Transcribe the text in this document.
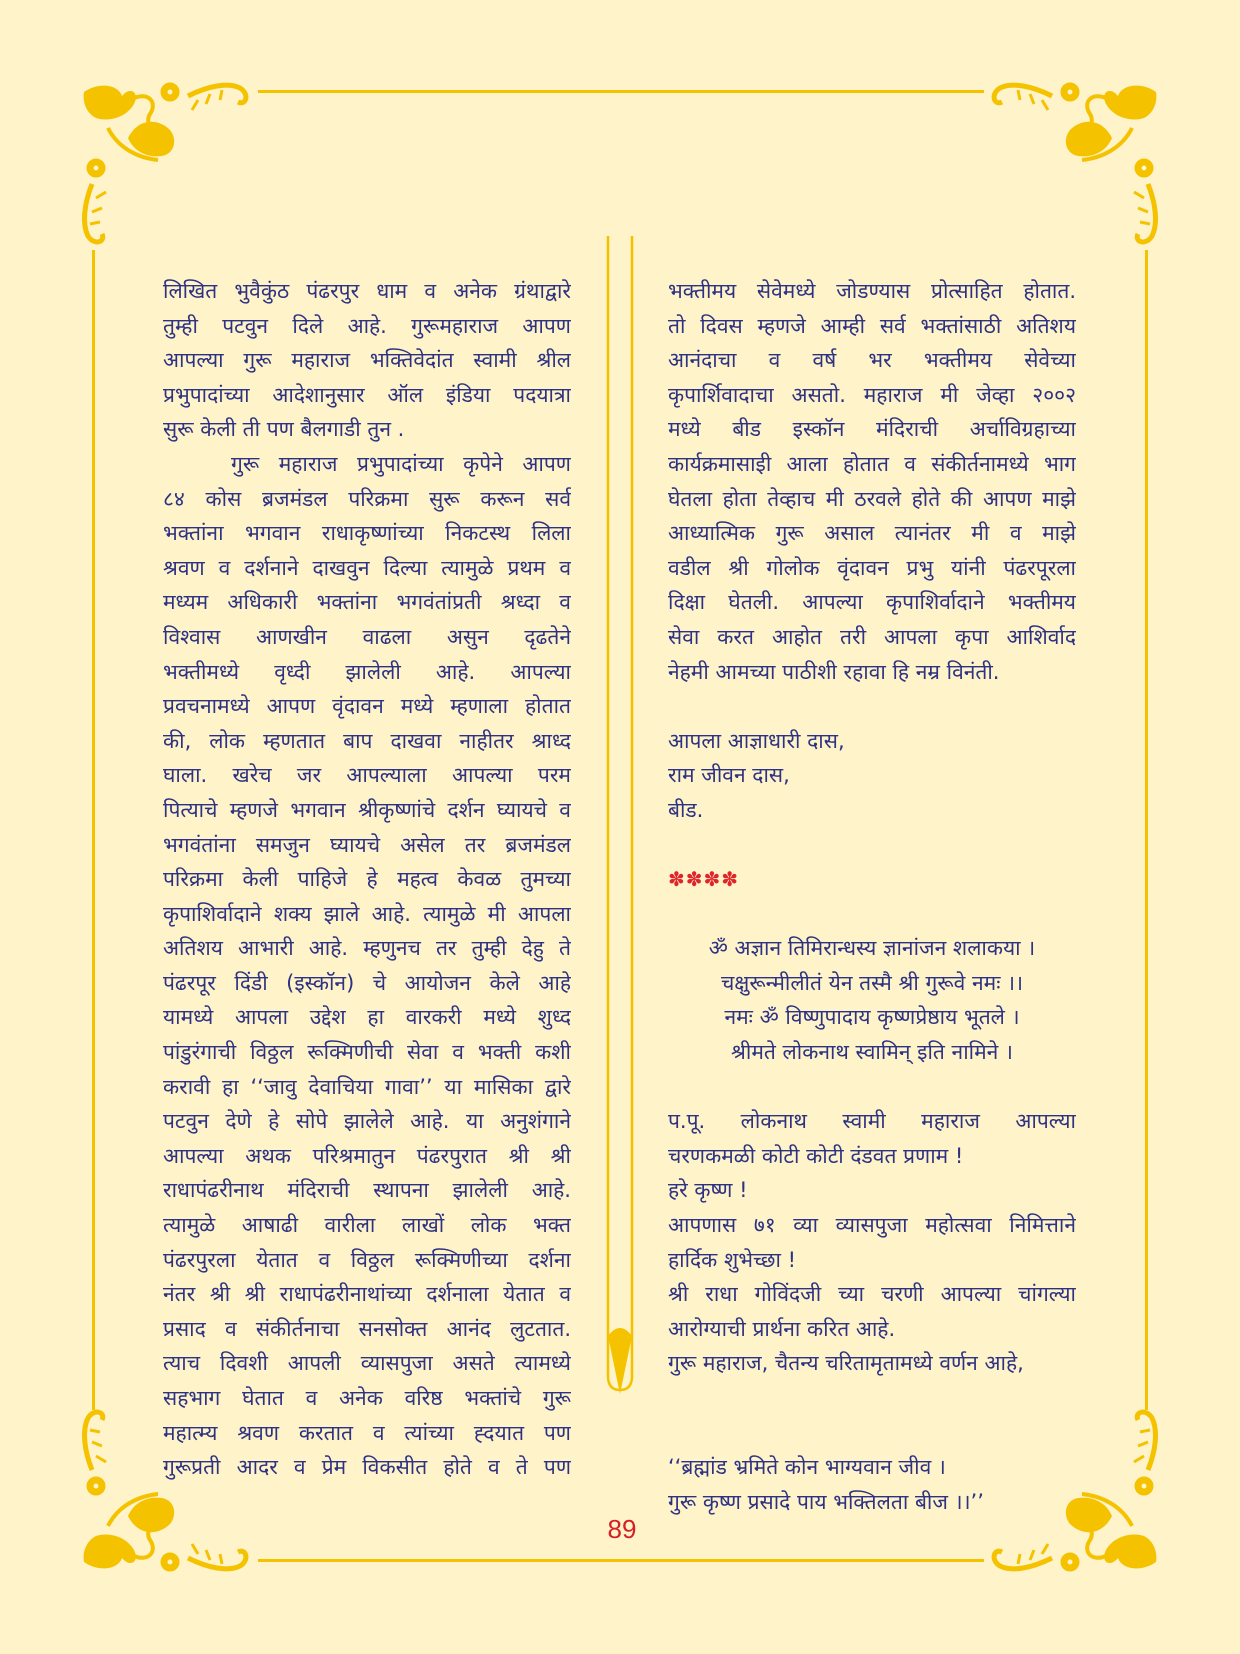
लिखित भुवैकुंठ पंढरपुर धाम व अनेक ग्रंथाद्वारे
तुम्ही पटवुन दिले आहे. गुरूमहाराज आपण
आपल्या गुरू महाराज भक्तिवेदांत स्वामी श्रील
प्रभुपादांच्या आदेशानुसार ऑल इंडिया पदयात्रा
सुरू केली ती पण बैलगाडी तुन .
गुरू महाराज प्रभुपादांच्या कृपेने आपण
८४ कोस ब्रजमंडल परिक्रमा सुरू करून सर्व
भक्तांना भगवान राधाकृष्णांच्या निकटस्थ लिला
श्रवण व दर्शनाने दाखवुन दिल्या त्यामुळे प्रथम व
मध्यम अधिकारी भक्तांना भगवंतांप्रती श्रध्दा व
विश्वास आणखीन वाढला असुन दृढतेने
भक्तीमध्ये वृध्दी झालेली आहे. आपल्या
प्रवचनामध्ये आपण वृंदावन मध्ये म्हणाला होतात
की, लोक म्हणतात बाप दाखवा नाहीतर श्राध्द
घाला. खरेच जर आपल्याला आपल्या परम
पित्याचे म्हणजे भगवान श्रीकृष्णांचे दर्शन घ्यायचे व
भगवंतांना समजुन घ्यायचे असेल तर ब्रजमंडल
परिक्रमा केली पाहिजे हे महत्व केवळ तुमच्या
कृपाशिर्वादाने शक्य झाले आहे. त्यामुळे मी आपला
अतिशय आभारी आहे. म्हणुनच तर तुम्ही देहु ते
पंढरपूर दिंडी (इस्कॉन) चे आयोजन केले आहे
यामध्ये आपला उद्देश हा वारकरी मध्ये शुध्द
पांडुरंगाची विठ्ठल रूक्मिणीची सेवा व भक्ती कशी
करावी हा ‘‘जावु देवाचिया गावा’’ या मासिका द्वारे
पटवुन देणे हे सोपे झालेले आहे. या अनुशंगाने
आपल्या अथक परिश्रमातुन पंढरपुरात श्री श्री
राधापंढरीनाथ मंदिराची स्थापना झालेली आहे.
त्यामुळे आषाढी वारीला लाखों लोक भक्त
पंढरपुरला येतात व विठ्ठल रूक्मिणीच्या दर्शना
नंतर श्री श्री राधापंढरीनाथांच्या दर्शनाला येतात व
प्रसाद व संकीर्तनाचा सनसोक्त आनंद लुटतात.
त्याच दिवशी आपली व्यासपुजा असते त्यामध्ये
सहभाग घेतात व अनेक वरिष्ठ भक्तांचे गुरू
महात्म्य श्रवण करतात व त्यांच्या ह्दयात पण
गुरूप्रती आदर व प्रेम विकसीत होते व ते पण
भक्तीमय सेवेमध्ये जोडण्यास प्रोत्साहित होतात.
तो दिवस म्हणजे आम्ही सर्व भक्तांसाठी अतिशय
आनंदाचा व वर्ष भर भक्तीमय सेवेच्या
कृपार्शिवादाचा असतो. महाराज मी जेव्हा २००२
मध्ये बीड इस्कॉन मंदिराची अर्चाविग्रहाच्या
कार्यक्रमासाइी आला होतात व संकीर्तनामध्ये भाग
घेतला होता तेव्हाच मी ठरवले होते की आपण माझे
आध्यात्मिक गुरू असाल त्यानंतर मी व माझे
वडील श्री गोलोक वृंदावन प्रभु यांनी पंढरपूरला
दिक्षा घेतली. आपल्या कृपाशिर्वादाने भक्तीमय
सेवा करत आहोत तरी आपला कृपा आशिर्वाद
नेहमी आमच्या पाठीशी रहावा हि नम्र विनंती.
आपला आज्ञाधारी दास,
राम जीवन दास,
बीड.
✽✽✽✽
ॐ अज्ञान तिमिरान्धस्य ज्ञानांजन शलाकया ।
चक्षुरून्मीलीतं येन तस्मै श्री गुरूवे नमः ।।
नमः ॐ विष्णुपादाय कृष्णप्रेष्ठाय भूतले ।
श्रीमते लोकनाथ स्वामिन् इति नामिने ।
प.पू. लोकनाथ स्वामी महाराज आपल्या
चरणकमळी कोटी कोटी दंडवत प्रणाम !
हरे कृष्ण !
आपणास ७१ व्या व्यासपुजा महोत्सवा निमित्ताने
हार्दिक शुभेच्छा !
श्री राधा गोविंदजी च्या चरणी आपल्या चांगल्या
आरोग्याची प्रार्थना करित आहे.
गुरू महाराज, चैतन्य चरितामृतामध्ये वर्णन आहे,
‘‘ब्रह्मांड भ्रमिते कोन भाग्यवान जीव ।
गुरू कृष्ण प्रसादे पाय भक्तिलता बीज ।।’’
89
